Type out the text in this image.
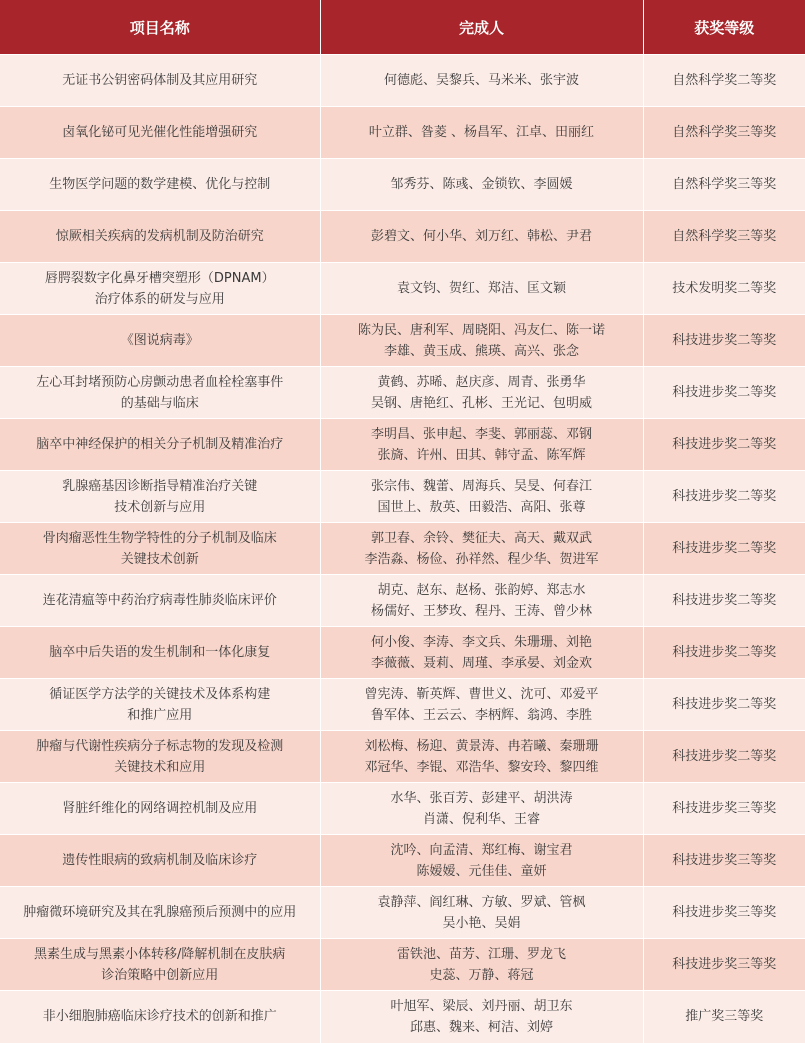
项目名称	完成人	获奖等级

无证书公钥密码体制及其应用研究	何德彪、吴黎兵、马米米、张宇波	自然科学奖二等奖

卤氧化铋可见光催化性能增强研究	叶立群、昝菱 、杨昌军、江卓、田丽红	自然科学奖三等奖

生物医学问题的数学建模、优化与控制	邹秀芬、陈彧、金锁钦、李圆媛	自然科学奖三等奖

惊厥相关疾病的发病机制及防治研究	彭碧文、何小华、刘万红、韩松、尹君	自然科学奖三等奖

唇腭裂数字化鼻牙槽突塑形（DPNAM）
治疗体系的研发与应用	袁文钧、贺红、郑洁、匡文颖	技术发明奖二等奖

《图说病毒》	陈为民、唐利军、周晓阳、冯友仁、陈一诺
李雄、黄玉成、熊瑛、高兴、张念	科技进步奖二等奖

左心耳封堵预防心房颤动患者血栓栓塞事件
的基础与临床	黄鹤、苏晞、赵庆彦、周青、张勇华
吴钢、唐艳红、孔彬、王光记、包明威	科技进步奖二等奖

脑卒中神经保护的相关分子机制及精准治疗	李明昌、张申起、李斐、郭丽蕊、邓钢
张旖、许州、田其、韩守孟、陈军辉	科技进步奖二等奖

乳腺癌基因诊断指导精准治疗关键
技术创新与应用	张宗伟、魏蕾、周海兵、吴旻、何春江
国世上、敖英、田毅浩、高阳、张尊	科技进步奖二等奖

骨肉瘤恶性生物学特性的分子机制及临床
关键技术创新	郭卫春、余铃、樊征夫、高天、戴双武
李浩淼、杨俭、孙祥然、程少华、贺进军	科技进步奖二等奖

连花清瘟等中药治疗病毒性肺炎临床评价	胡克、赵东、赵杨、张韵婷、郑志水
杨儒好、王梦玫、程丹、王涛、曾少林	科技进步奖二等奖

脑卒中后失语的发生机制和一体化康复	何小俊、李涛、李文兵、朱珊珊、刘艳
李薇薇、聂莉、周瑾、李承晏、刘金欢	科技进步奖二等奖

循证医学方法学的关键技术及体系构建
和推广应用	曾宪涛、靳英辉、曹世义、沈可、邓爱平
鲁军体、王云云、李柄辉、翁鸿、李胜	科技进步奖二等奖

肿瘤与代谢性疾病分子标志物的发现及检测
关键技术和应用	刘松梅、杨迎、黄景涛、冉若曦、秦珊珊
邓冠华、李锟、邓浩华、黎安玲、黎四维	科技进步奖二等奖

肾脏纤维化的网络调控机制及应用	水华、张百芳、彭建平、胡洪涛
肖潇、倪利华、王睿	科技进步奖三等奖

遗传性眼病的致病机制及临床诊疗	沈吟、向孟清、郑红梅、谢宝君
陈嫒嫒、元佳佳、童妍	科技进步奖三等奖

肿瘤微环境研究及其在乳腺癌预后预测中的应用	袁静萍、阎红琳、方敏、罗斌、管枫
吴小艳、吴娟	科技进步奖三等奖

黑素生成与黑素小体转移/降解机制在皮肤病
诊治策略中创新应用	雷铁池、苗芳、江珊、罗龙飞
史蕊、万静、蒋冠	科技进步奖三等奖

非小细胞肺癌临床诊疗技术的创新和推广	叶旭军、梁辰、刘丹丽、胡卫东
邱惠、魏来、柯洁、刘婷	推广奖三等奖
